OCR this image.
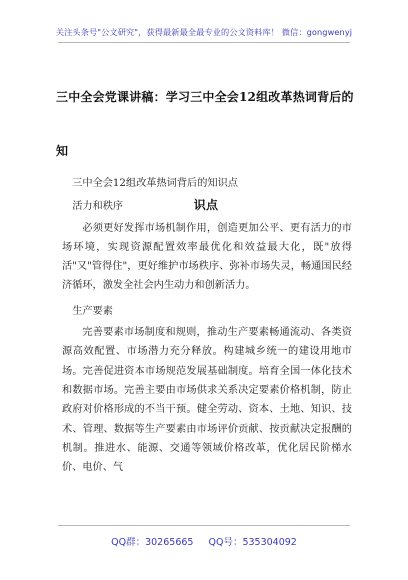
关注头条号"公文研究"，获得最新最全最专业的公文资料库！ 微信：gongwenyj
三中全会党课讲稿：学习三中全会12组改革热词背后的知
识点

三中全会12组改革热词背后的知识点

活力和秩序

必须更好发挥市场机制作用，创造更加公平、更有活力的市场环境，实现资源配置效率最优化和效益最大化，既"放得活"又"管得住"，更好维护市场秩序、弥补市场失灵，畅通国民经济循环，激发全社会内生动力和创新活力。

生产要素

完善要素市场制度和规则，推动生产要素畅通流动、各类资源高效配置、市场潜力充分释放。构建城乡统一的建设用地市场。完善促进资本市场规范发展基础制度。培育全国一体化技术和数据市场。完善主要由市场供求关系决定要素价格机制，防止政府对价格形成的不当干预。健全劳动、资本、土地、知识、技术、管理、数据等生产要素由市场评价贡献、按贡献决定报酬的机制。推进水、能源、交通等领域价格改革，优化居民阶梯水价、电价、气

QQ群：30265665 QQ号：535304092
